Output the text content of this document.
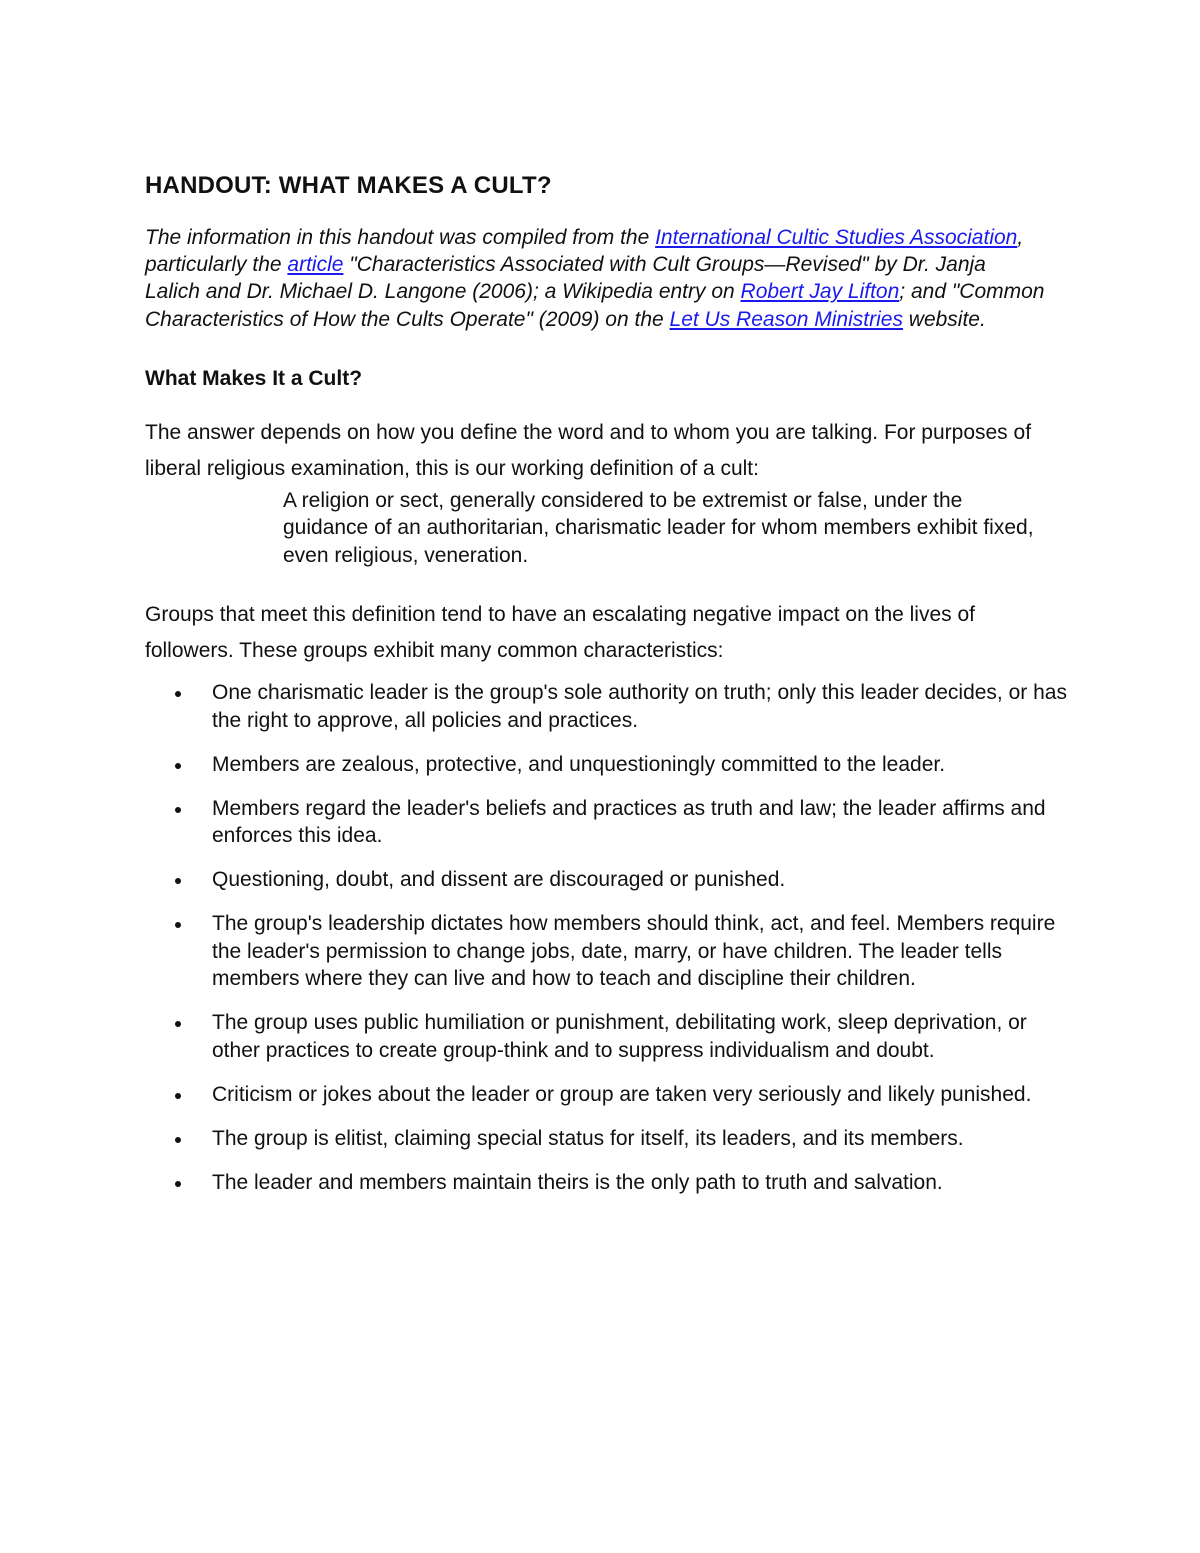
HANDOUT: WHAT MAKES A CULT?

The information in this handout was compiled from the International Cultic Studies Association, particularly the article "Characteristics Associated with Cult Groups—Revised" by Dr. Janja Lalich and Dr. Michael D. Langone (2006); a Wikipedia entry on Robert Jay Lifton; and "Common Characteristics of How the Cults Operate" (2009) on the Let Us Reason Ministries website.

What Makes It a Cult?

The answer depends on how you define the word and to whom you are talking. For purposes of liberal religious examination, this is our working definition of a cult:

A religion or sect, generally considered to be extremist or false, under the guidance of an authoritarian, charismatic leader for whom members exhibit fixed, even religious, veneration.

Groups that meet this definition tend to have an escalating negative impact on the lives of followers. These groups exhibit many common characteristics:

One charismatic leader is the group's sole authority on truth; only this leader decides, or has the right to approve, all policies and practices.
Members are zealous, protective, and unquestioningly committed to the leader.
Members regard the leader's beliefs and practices as truth and law; the leader affirms and enforces this idea.
Questioning, doubt, and dissent are discouraged or punished.
The group's leadership dictates how members should think, act, and feel. Members require the leader's permission to change jobs, date, marry, or have children. The leader tells members where they can live and how to teach and discipline their children.
The group uses public humiliation or punishment, debilitating work, sleep deprivation, or other practices to create group-think and to suppress individualism and doubt.
Criticism or jokes about the leader or group are taken very seriously and likely punished.
The group is elitist, claiming special status for itself, its leaders, and its members.
The leader and members maintain theirs is the only path to truth and salvation.
